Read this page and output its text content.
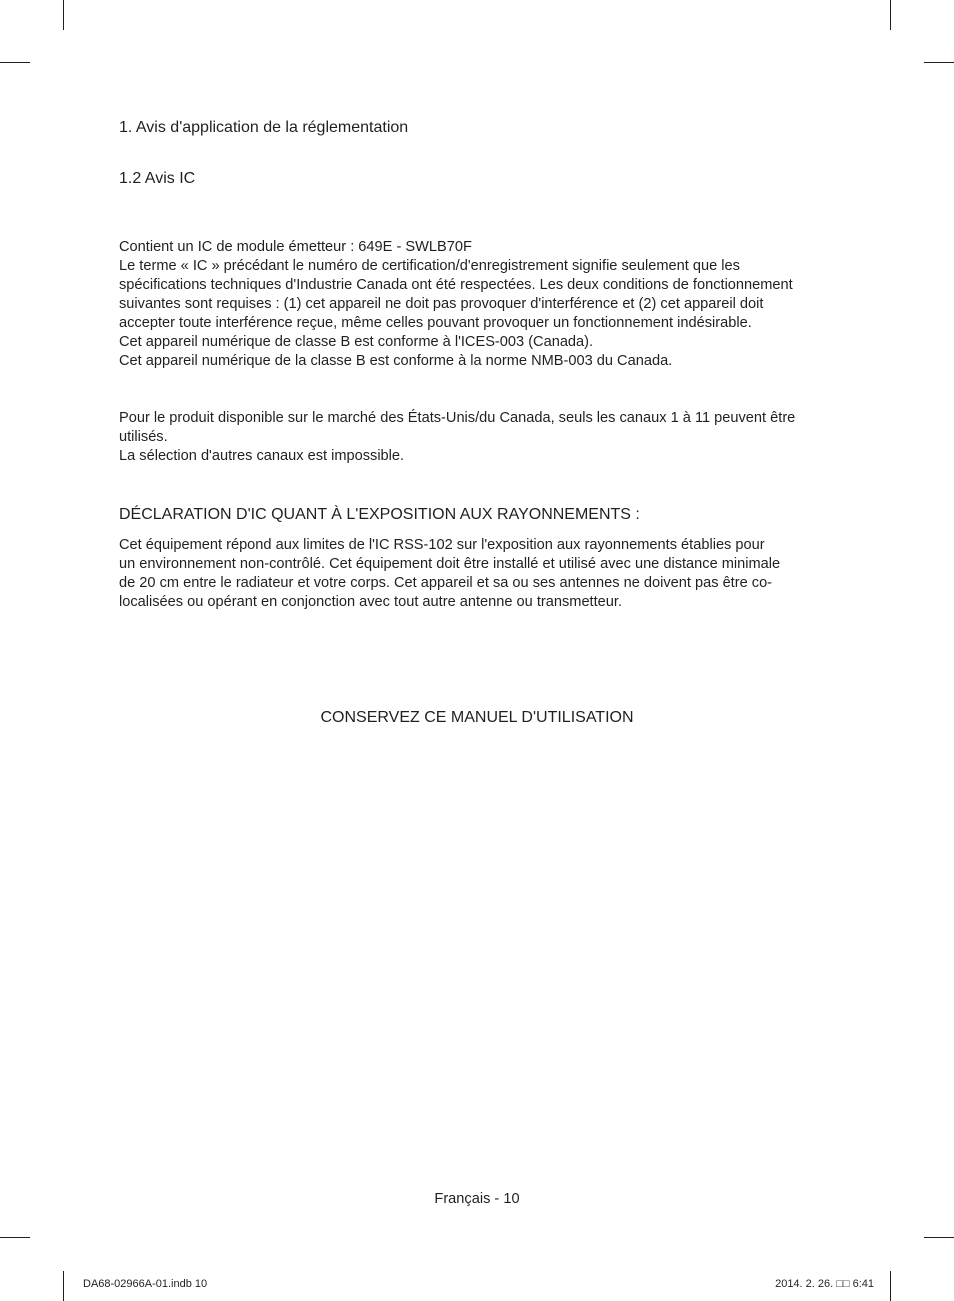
1. Avis d'application de la réglementation
1.2 Avis IC
Contient un IC de module émetteur : 649E - SWLB70F
Le terme « IC » précédant le numéro de certification/d'enregistrement signifie seulement que les
spécifications techniques d'Industrie Canada ont été respectées. Les deux conditions de fonctionnement
suivantes sont requises : (1) cet appareil ne doit pas provoquer d'interférence et (2) cet appareil doit
accepter toute interférence reçue, même celles pouvant provoquer un fonctionnement indésirable.
Cet appareil numérique de classe B est conforme à l'ICES-003 (Canada).
Cet appareil numérique de la classe B est conforme à la norme NMB-003 du Canada.
Pour le produit disponible sur le marché des États-Unis/du Canada, seuls les canaux 1 à 11 peuvent être
utilisés.
La sélection d'autres canaux est impossible.
DÉCLARATION D'IC QUANT À L'EXPOSITION AUX RAYONNEMENTS :
Cet équipement répond aux limites de l'IC RSS-102 sur l'exposition aux rayonnements établies pour
un environnement non-contrôlé. Cet équipement doit être installé et utilisé avec une distance minimale
de 20 cm entre le radiateur et votre corps. Cet appareil et sa ou ses antennes ne doivent pas être co-
localisées ou opérant en conjonction avec tout autre antenne ou transmetteur.
CONSERVEZ CE MANUEL D'UTILISATION
Français - 10
DA68-02966A-01.indb 10	2014. 2. 26. □□ 6:41
